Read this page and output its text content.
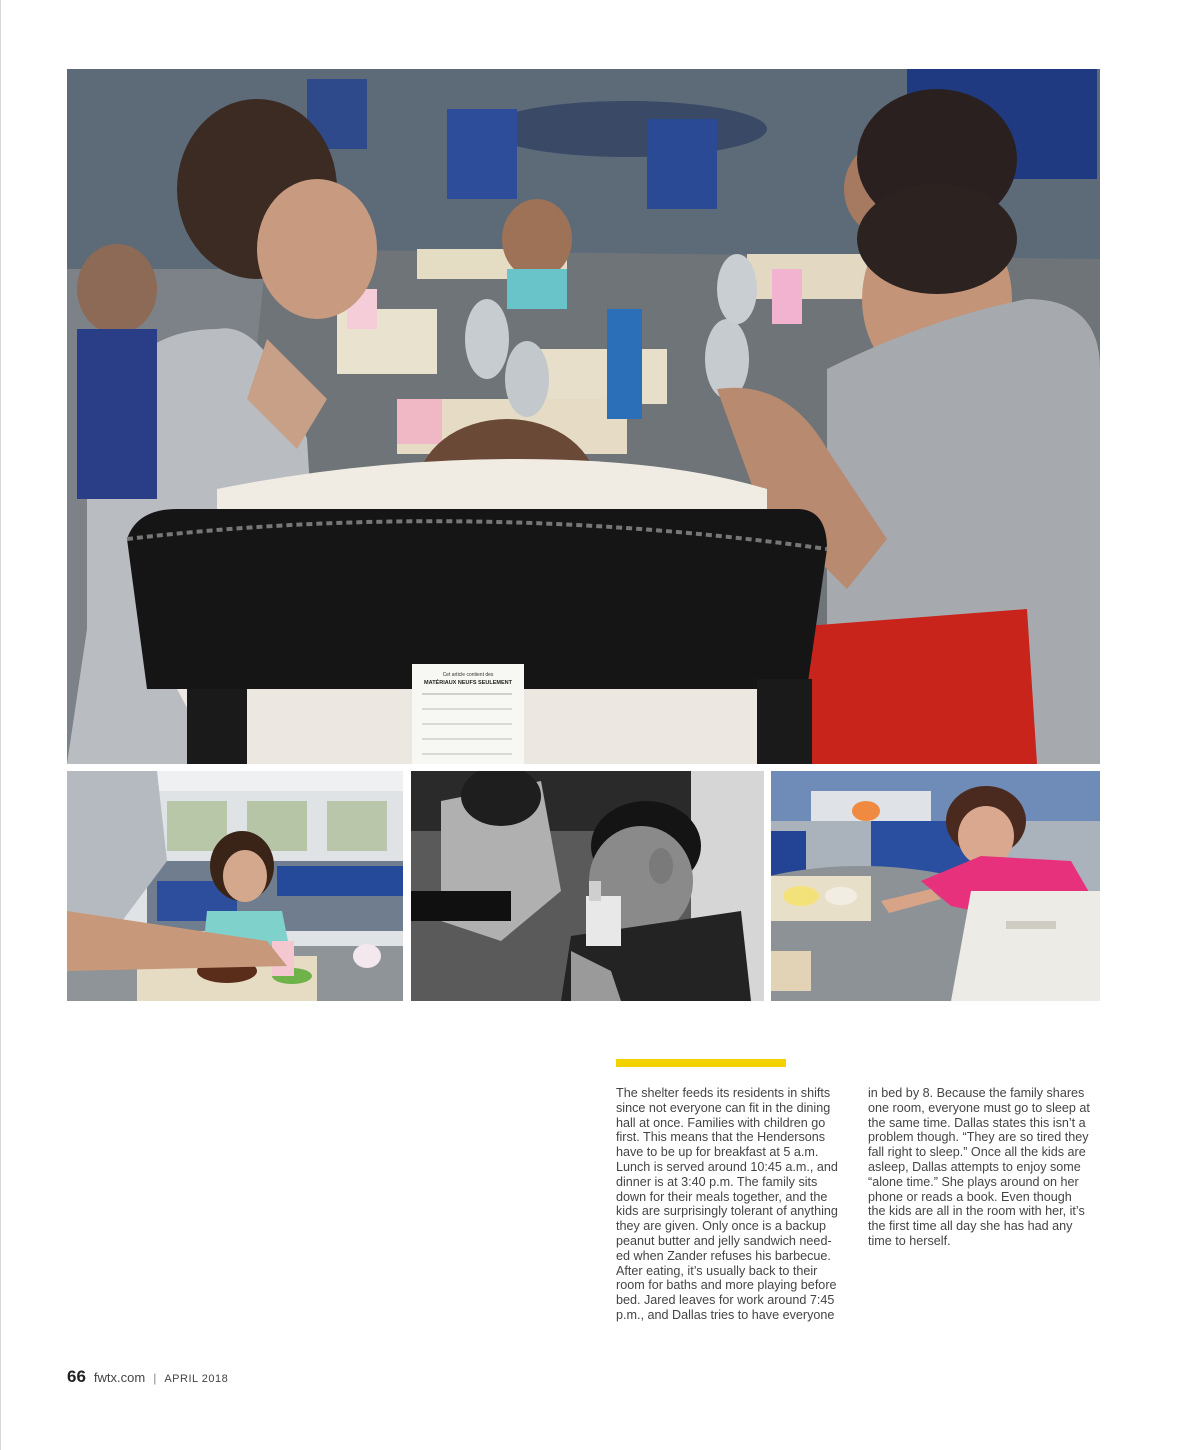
Cet article contient des
MATÉRIAUX NEUFS SEULEMENT
The shelter feeds its residents in shifts
since not everyone can fit in the dining
hall at once. Families with children go
first. This means that the Hendersons
have to be up for breakfast at 5 a.m.
Lunch is served around 10:45 a.m., and
dinner is at 3:40 p.m. The family sits
down for their meals together, and the
kids are surprisingly tolerant of anything
they are given. Only once is a backup
peanut butter and jelly sandwich need-
ed when Zander refuses his barbecue.
After eating, it’s usually back to their
room for baths and more playing before
bed. Jared leaves for work around 7:45
p.m., and Dallas tries to have everyone
in bed by 8. Because the family shares
one room, everyone must go to sleep at
the same time. Dallas states this isn’t a
problem though. “They are so tired they
fall right to sleep.” Once all the kids are
asleep, Dallas attempts to enjoy some
“alone time.” She plays around on her
phone or reads a book. Even though
the kids are all in the room with her, it’s
the first time all day she has had any
time to herself.
66 fwtx.com | APRIL 2018
